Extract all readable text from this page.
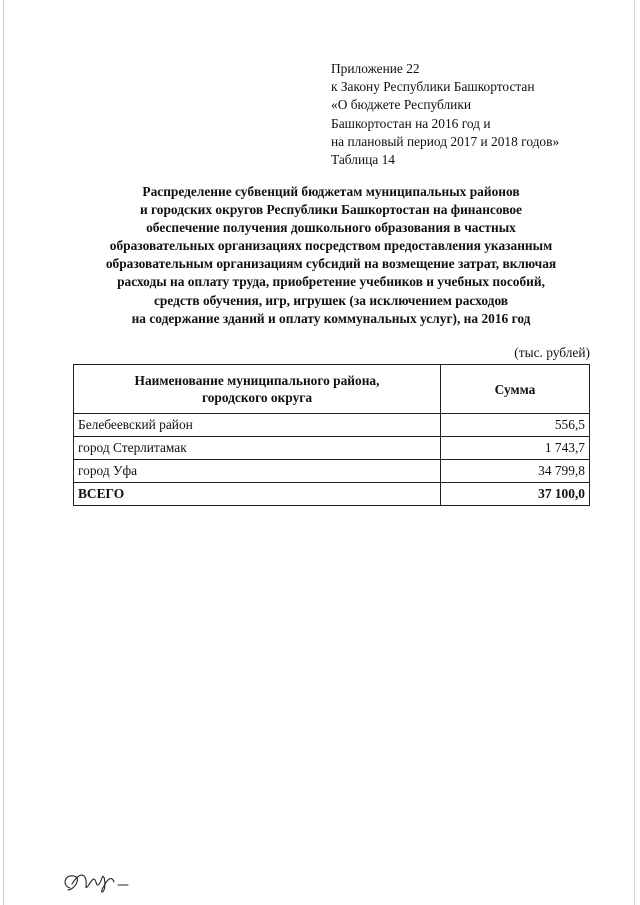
Приложение 22
к Закону Республики Башкортостан
«О бюджете Республики
Башкортостан на 2016 год и
на плановый период 2017 и 2018 годов»
Таблица 14
Распределение субвенций бюджетам муниципальных районов
и городских округов Республики Башкортостан на финансовое
обеспечение получения дошкольного образования в частных
образовательных организациях посредством предоставления указанным
образовательным организациям субсидий на возмещение затрат, включая
расходы на оплату труда, приобретение учебников и учебных пособий,
средств обучения, игр, игрушек (за исключением расходов
на содержание зданий и оплату коммунальных услуг), на 2016 год
(тыс. рублей)
Наименование муниципального района,
городского округа	Сумма
Белебеевский район	556,5
город Стерлитамак	1 743,7
город Уфа	34 799,8
ВСЕГО	37 100,0
